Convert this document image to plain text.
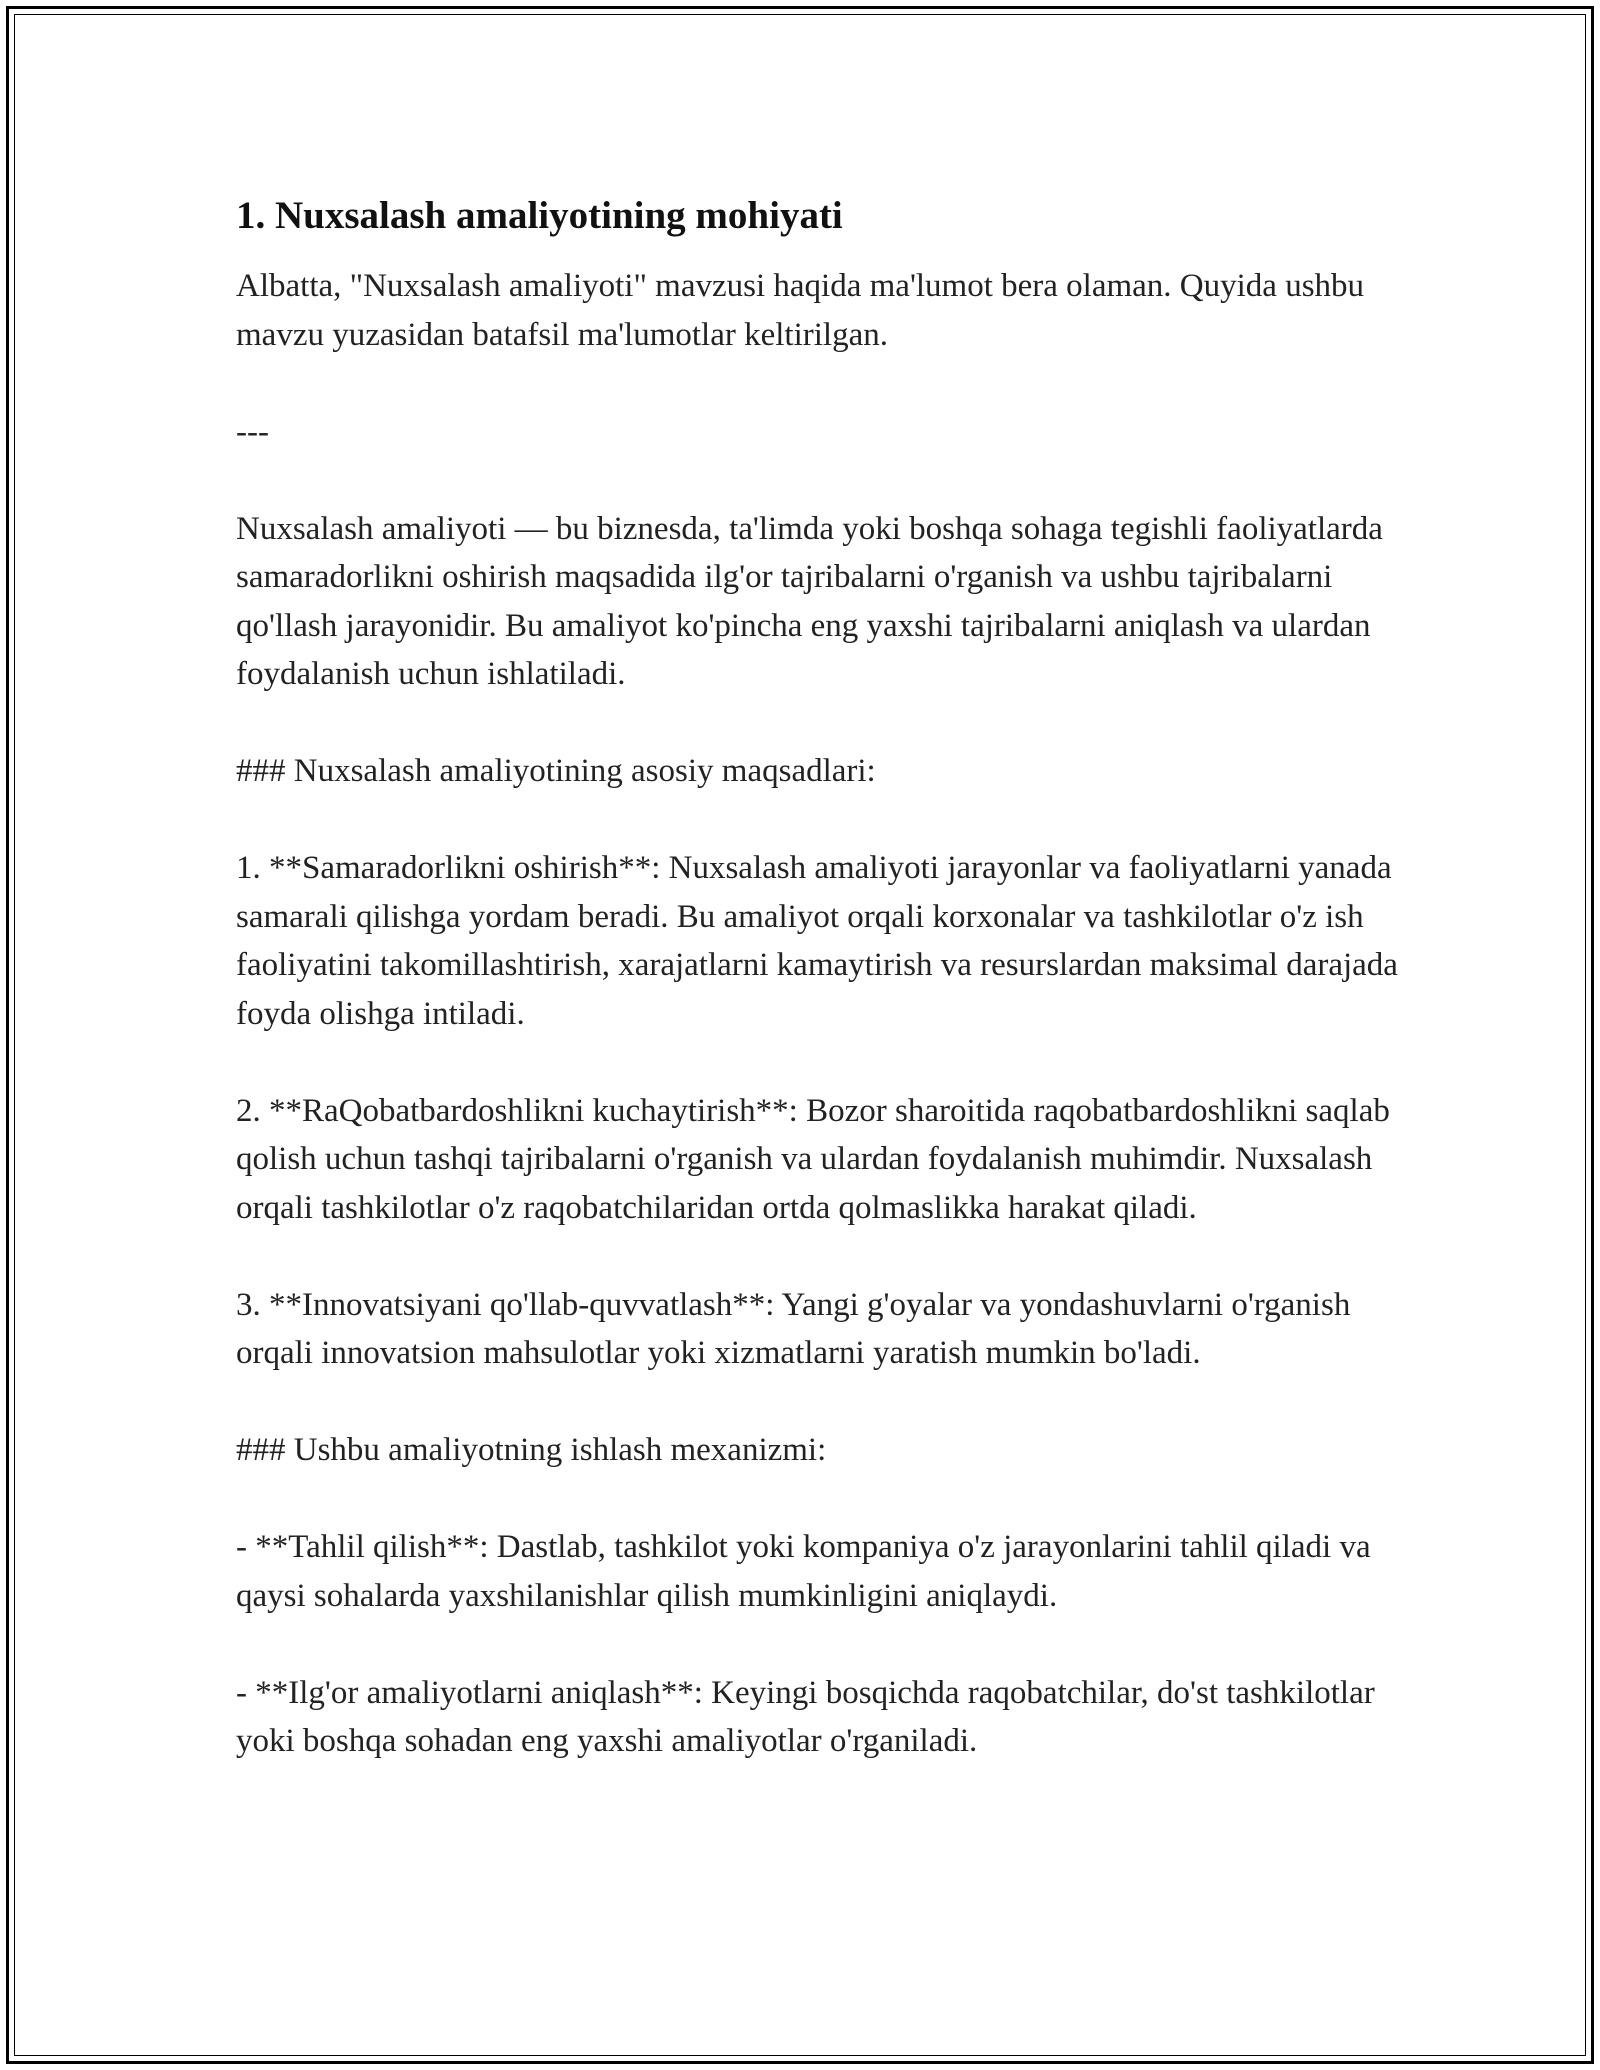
1. Nuxsalash amaliyotining mohiyati

Albatta, "Nuxsalash amaliyoti" mavzusi haqida ma'lumot bera olaman. Quyida ushbu mavzu yuzasidan batafsil ma'lumotlar keltirilgan.

---

Nuxsalash amaliyoti — bu biznesda, ta'limda yoki boshqa sohaga tegishli faoliyatlarda samaradorlikni oshirish maqsadida ilg'or tajribalarni o'rganish va ushbu tajribalarni qo'llash jarayonidir. Bu amaliyot ko'pincha eng yaxshi tajribalarni aniqlash va ulardan foydalanish uchun ishlatiladi.

### Nuxsalash amaliyotining asosiy maqsadlari:

1. **Samaradorlikni oshirish**: Nuxsalash amaliyoti jarayonlar va faoliyatlarni yanada samarali qilishga yordam beradi. Bu amaliyot orqali korxonalar va tashkilotlar o'z ish faoliyatini takomillashtirish, xarajatlarni kamaytirish va resurslardan maksimal darajada foyda olishga intiladi.

2. **RaQobatbardoshlikni kuchaytirish**: Bozor sharoitida raqobatbardoshlikni saqlab qolish uchun tashqi tajribalarni o'rganish va ulardan foydalanish muhimdir. Nuxsalash orqali tashkilotlar o'z raqobatchilaridan ortda qolmaslikka harakat qiladi.

3. **Innovatsiyani qo'llab-quvvatlash**: Yangi g'oyalar va yondashuvlarni o'rganish orqali innovatsion mahsulotlar yoki xizmatlarni yaratish mumkin bo'ladi.

### Ushbu amaliyotning ishlash mexanizmi:

- **Tahlil qilish**: Dastlab, tashkilot yoki kompaniya o'z jarayonlarini tahlil qiladi va qaysi sohalarda yaxshilanishlar qilish mumkinligini aniqlaydi.

- **Ilg'or amaliyotlarni aniqlash**: Keyingi bosqichda raqobatchilar, do'st tashkilotlar yoki boshqa sohadan eng yaxshi amaliyotlar o'rganiladi.
